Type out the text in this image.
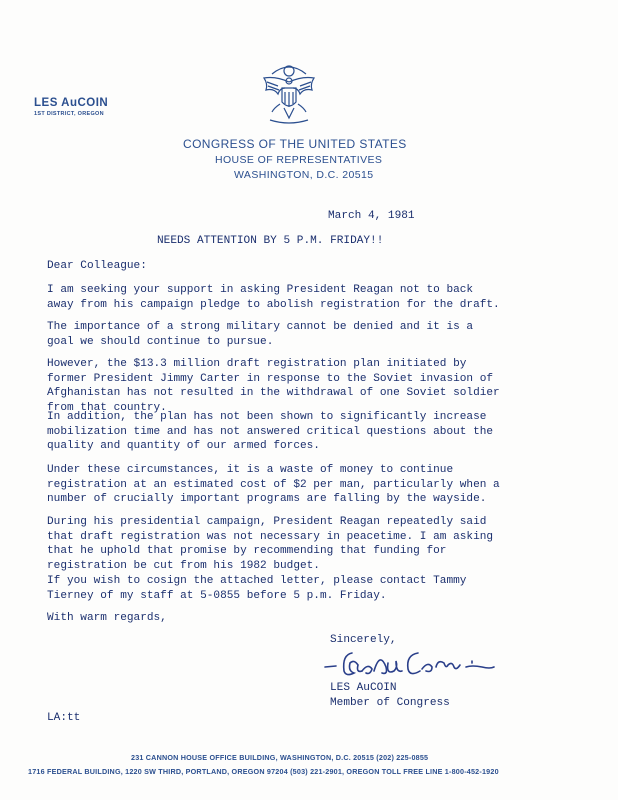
LES AuCOIN
1ST DISTRICT, OREGON
CONGRESS OF THE UNITED STATES
HOUSE OF REPRESENTATIVES
WASHINGTON, D.C. 20515
March 4, 1981
NEEDS ATTENTION BY 5 P.M. FRIDAY!!
Dear Colleague:
I am seeking your support in asking President Reagan not to back
away from his campaign pledge to abolish registration for the draft.
The importance of a strong military cannot be denied and it is a
goal we should continue to pursue.
However, the $13.3 million draft registration plan initiated by
former President Jimmy Carter in response to the Soviet invasion of
Afghanistan has not resulted in the withdrawal of one Soviet soldier
from that country.
In addition, the plan has not been shown to significantly increase
mobilization time and has not answered critical questions about the
quality and quantity of our armed forces.
Under these circumstances, it is a waste of money to continue
registration at an estimated cost of $2 per man, particularly when a
number of crucially important programs are falling by the wayside.
During his presidential campaign, President Reagan repeatedly said
that draft registration was not necessary in peacetime. I am asking
that he uphold that promise by recommending that funding for
registration be cut from his 1982 budget.
If you wish to cosign the attached letter, please contact Tammy
Tierney of my staff at 5-0855 before 5 p.m. Friday.
With warm regards,
Sincerely,
LES AuCOIN
Member of Congress
LA:tt
231 CANNON HOUSE OFFICE BUILDING, WASHINGTON, D.C. 20515 (202) 225-0855
1716 FEDERAL BUILDING, 1220 SW THIRD, PORTLAND, OREGON 97204 (503) 221-2901, OREGON TOLL FREE LINE 1-800-452-1920
